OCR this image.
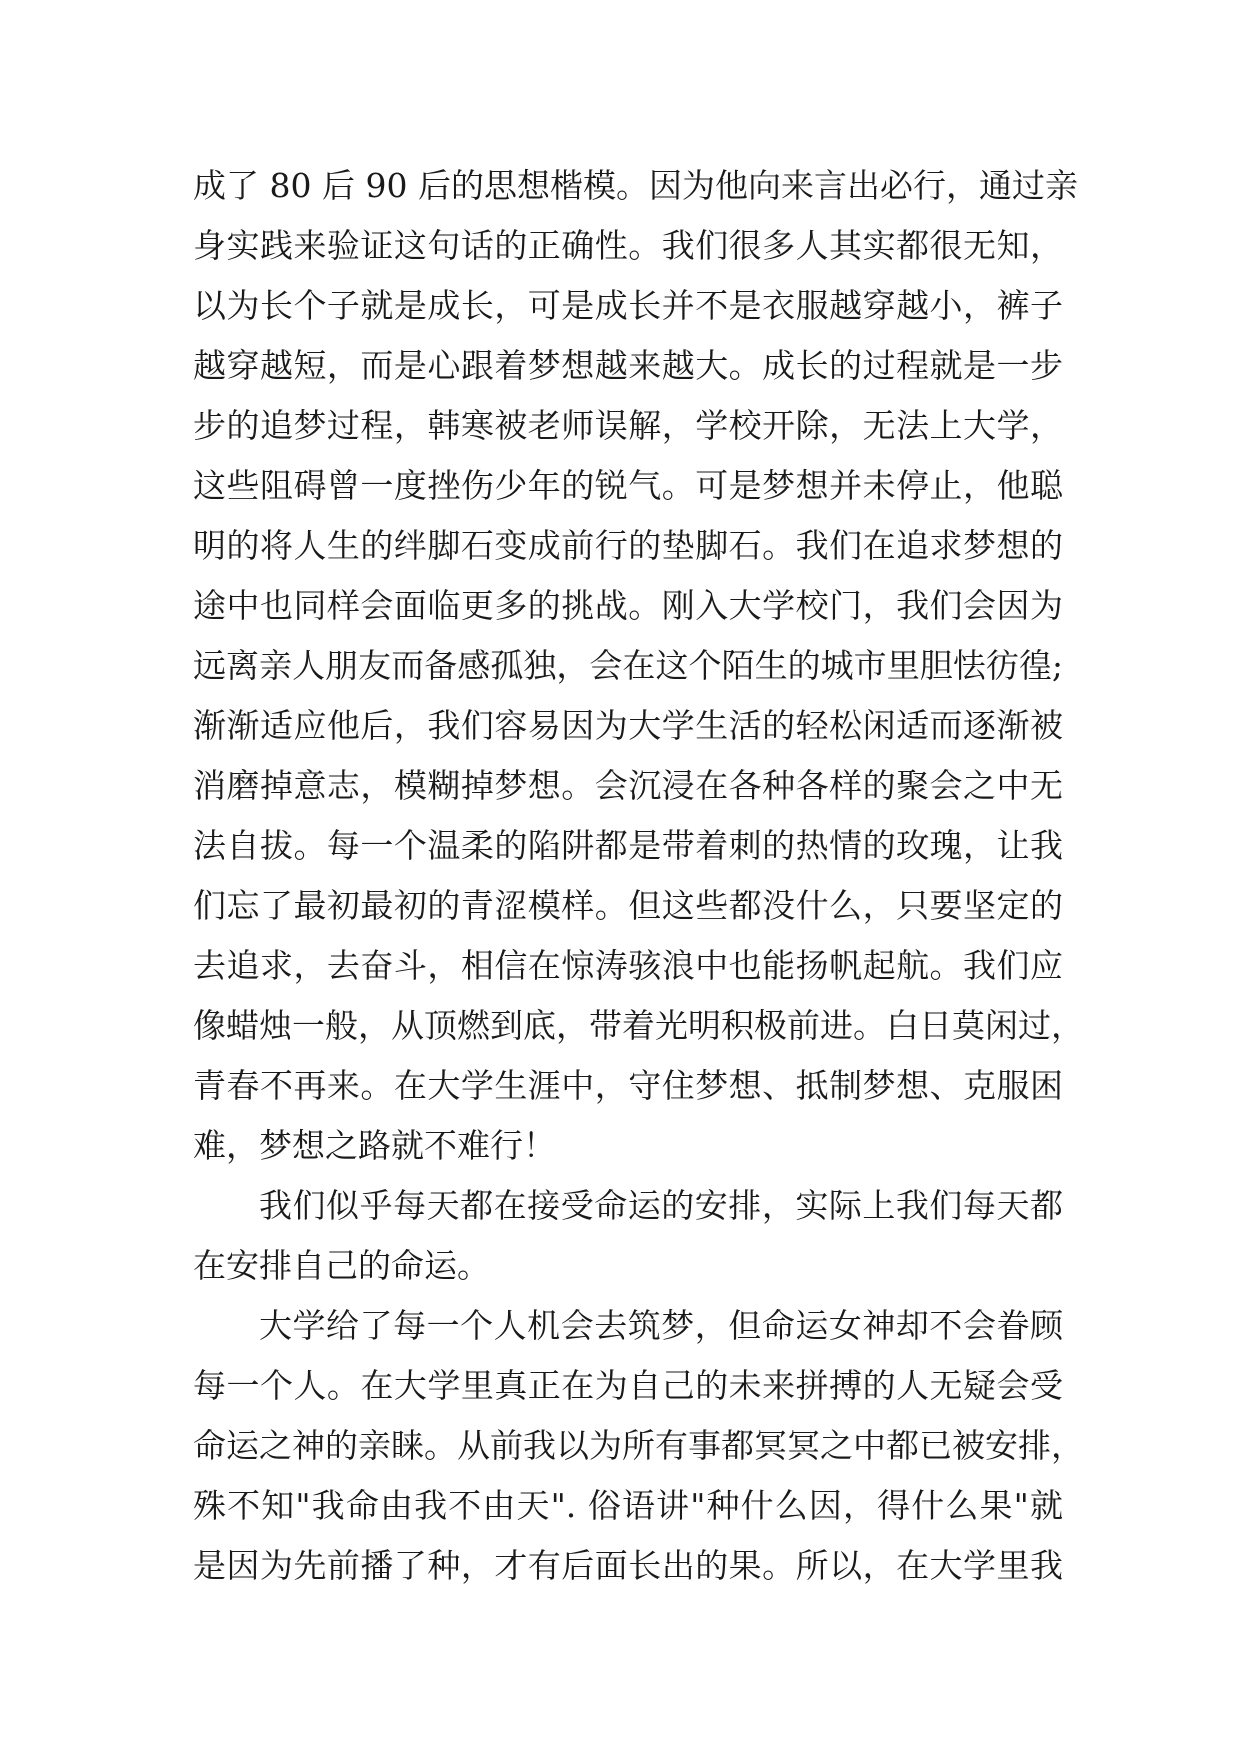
成了 80 后 90 后的思想楷模。因为他向来言出必行，通过亲
身实践来验证这句话的正确性。我们很多人其实都很无知，
以为长个子就是成长，可是成长并不是衣服越穿越小，裤子
越穿越短，而是心跟着梦想越来越大。成长的过程就是一步
步的追梦过程，韩寒被老师误解，学校开除，无法上大学，
这些阻碍曾一度挫伤少年的锐气。可是梦想并未停止，他聪
明的将人生的绊脚石变成前行的垫脚石。我们在追求梦想的
途中也同样会面临更多的挑战。刚入大学校门，我们会因为
远离亲人朋友而备感孤独，会在这个陌生的城市里胆怯彷徨;
渐渐适应他后，我们容易因为大学生活的轻松闲适而逐渐被
消磨掉意志，模糊掉梦想。会沉浸在各种各样的聚会之中无
法自拔。每一个温柔的陷阱都是带着刺的热情的玫瑰，让我
们忘了最初最初的青涩模样。但这些都没什么，只要坚定的
去追求，去奋斗，相信在惊涛骇浪中也能扬帆起航。我们应
像蜡烛一般，从顶燃到底，带着光明积极前进。白日莫闲过，
青春不再来。在大学生涯中，守住梦想、抵制梦想、克服困
难，梦想之路就不难行！
我们似乎每天都在接受命运的安排，实际上我们每天都
在安排自己的命运。
大学给了每一个人机会去筑梦，但命运女神却不会眷顾
每一个人。在大学里真正在为自己的未来拼搏的人无疑会受
命运之神的亲睐。从前我以为所有事都冥冥之中都已被安排，
殊不知"我命由我不由天". 俗语讲"种什么因，得什么果"就
是因为先前播了种，才有后面长出的果。所以，在大学里我
